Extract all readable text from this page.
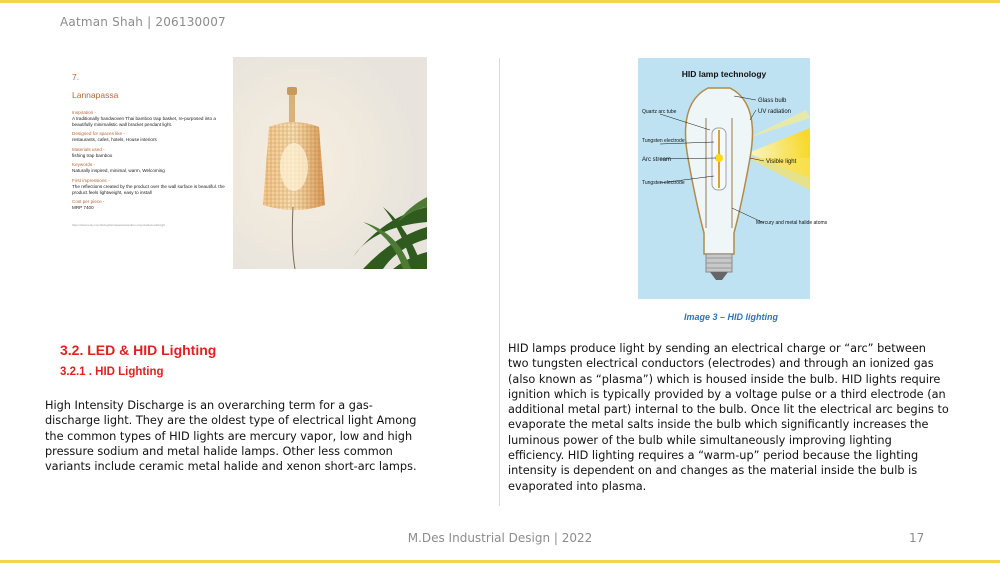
Aatman Shah | 206130007
7.
Lannapassa
Inspiration -
A traditionally handwoven Thai bamboo trap basket, re-purposed into a beautifully minimalistic wall bracket pendant light.
Designed for spaces like -
restaurants, cafes, hotels, House interiors
Materials used -
fishing trap bamboo
Keywords -
Naturally inspired, minimal, warm, Welcoming
First impressions -
The reflections created by the product over the wall surface is beautiful. the product feels lightweight, easy to install
Cost per piece -
MRP 7400
https://www.etsy.com/listing/lannapassa-bamboo-trap-basket-wall-light
HID lamp technology
Glass bulb
UV radiation
Quartz arc tube
Tungsten electrode
Arc stream	Visible light
Tungsten electrode
Mercury and metal halide atoms
Image 3 – HID lighting
3.2. LED & HID Lighting
3.2.1 . HID Lighting
High Intensity Discharge is an overarching term for a gas-discharge light. They are the oldest type of electrical light Among the common types of HID lights are mercury vapor, low and high pressure sodium and metal halide lamps. Other less common variants include ceramic metal halide and xenon short-arc lamps.
HID lamps produce light by sending an electrical charge or “arc” between two tungsten electrical conductors (electrodes) and through an ionized gas (also known as “plasma”) which is housed inside the bulb. HID lights require ignition which is typically provided by a voltage pulse or a third electrode (an additional metal part) internal to the bulb. Once lit the electrical arc begins to evaporate the metal salts inside the bulb which significantly increases the luminous power of the bulb while simultaneously improving lighting efficiency. HID lighting requires a “warm-up” period because the lighting intensity is dependent on and changes as the material inside the bulb is evaporated into plasma.
M.Des Industrial Design | 2022	17
